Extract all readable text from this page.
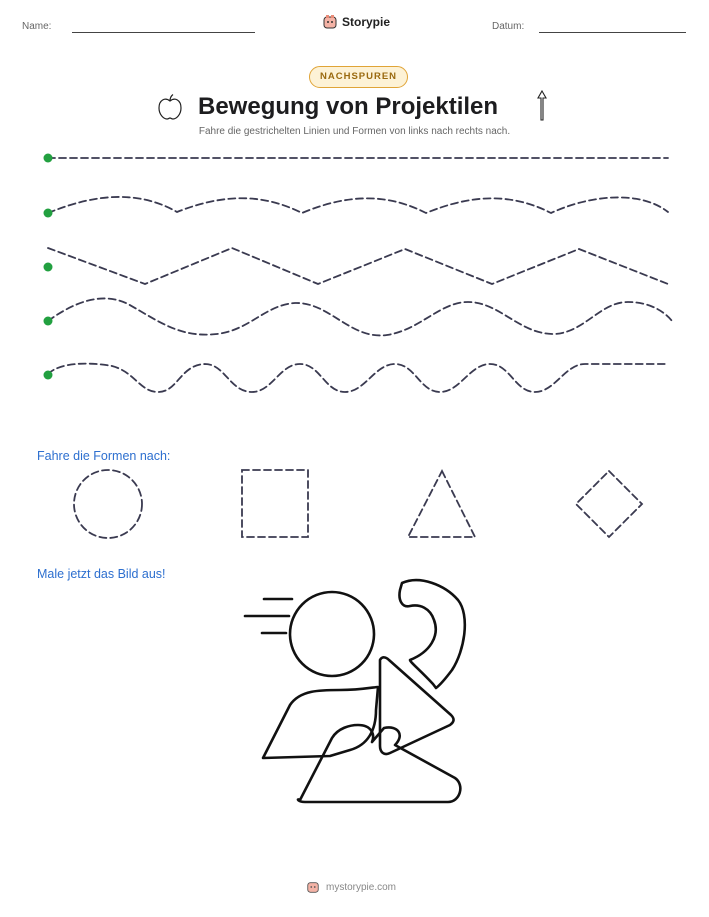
Name:	Storypie	Datum:
NACHSPUREN
Bewegung von Projektilen
Fahre die gestrichelten Linien und Formen von links nach rechts nach.
Fahre die Formen nach:
Male jetzt das Bild aus!
mystorypie.com
